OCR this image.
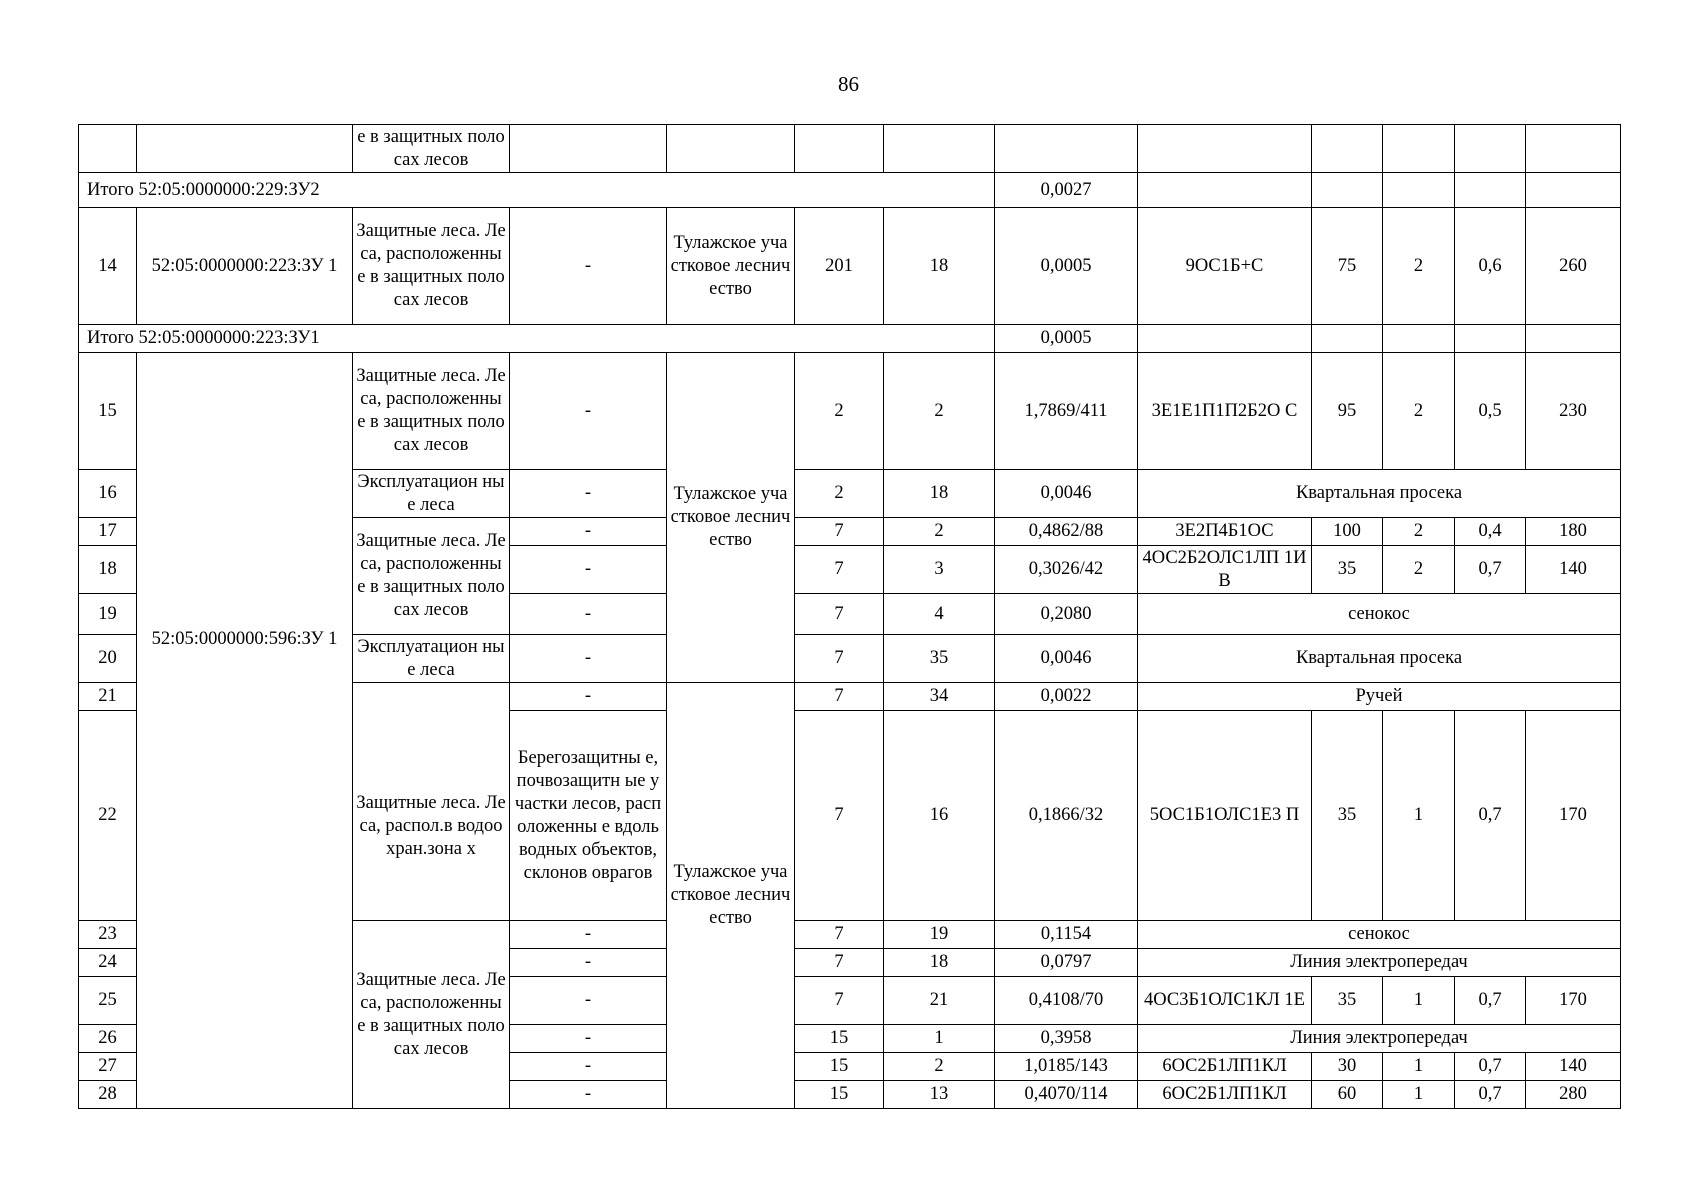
86
		е в защитных полосах лесов										
Итого 52:05:0000000:229:ЗУ2							0,0027					
14	52:05:0000000:223:ЗУ 1	Защитные леса. Леса, расположенны е в защитных полосах лесов	-	Тулажское участковое лесничество	201	18	0,0005	9ОС1Б+С	75	2	0,6	260
Итого 52:05:0000000:223:ЗУ1							0,0005					
15	52:05:0000000:596:ЗУ 1	Защитные леса. Леса, расположенны е в защитных полосах лесов	-	Тулажское участковое лесничество	2	2	1,7869/411	3Е1Е1П1П2Б2О С	95	2	0,5	230
16		Эксплуатацион ные леса	-		2	18	0,0046	Квартальная просека				
17		Защитные леса. Леса, расположенны е в защитных полосах лесов	-		7	2	0,4862/88	3Е2П4Б1ОС	100	2	0,4	180
18			-		7	3	0,3026/42	4ОС2Б2ОЛС1ЛП 1ИВ	35	2	0,7	140
19			-		7	4	0,2080	сенокос				
20		Эксплуатацион ные леса	-		7	35	0,0046	Квартальная просека				
21		Защитные леса. Леса, распол.в водоохран.зона х	-	Тулажское участковое лесничество	7	34	0,0022	Ручей				
22			Берегозащитны е,почвозащитн ые участки лесов, расположенны е вдоль водных объектов, склонов оврагов		7	16	0,1866/32	5ОС1Б1ОЛС1Е3 П	35	1	0,7	170
23		Защитные леса. Леса, расположенны е в защитных полосах лесов	-		7	19	0,1154	сенокос				
24			-		7	18	0,0797	Линия электропередач				
25			-		7	21	0,4108/70	4ОС3Б1ОЛС1КЛ 1Е	35	1	0,7	170
26			-		15	1	0,3958	Линия электропередач				
27			-		15	2	1,0185/143	6ОС2Б1ЛП1КЛ	30	1	0,7	140
28			-		15	13	0,4070/114	6ОС2Б1ЛП1КЛ	60	1	0,7	280
